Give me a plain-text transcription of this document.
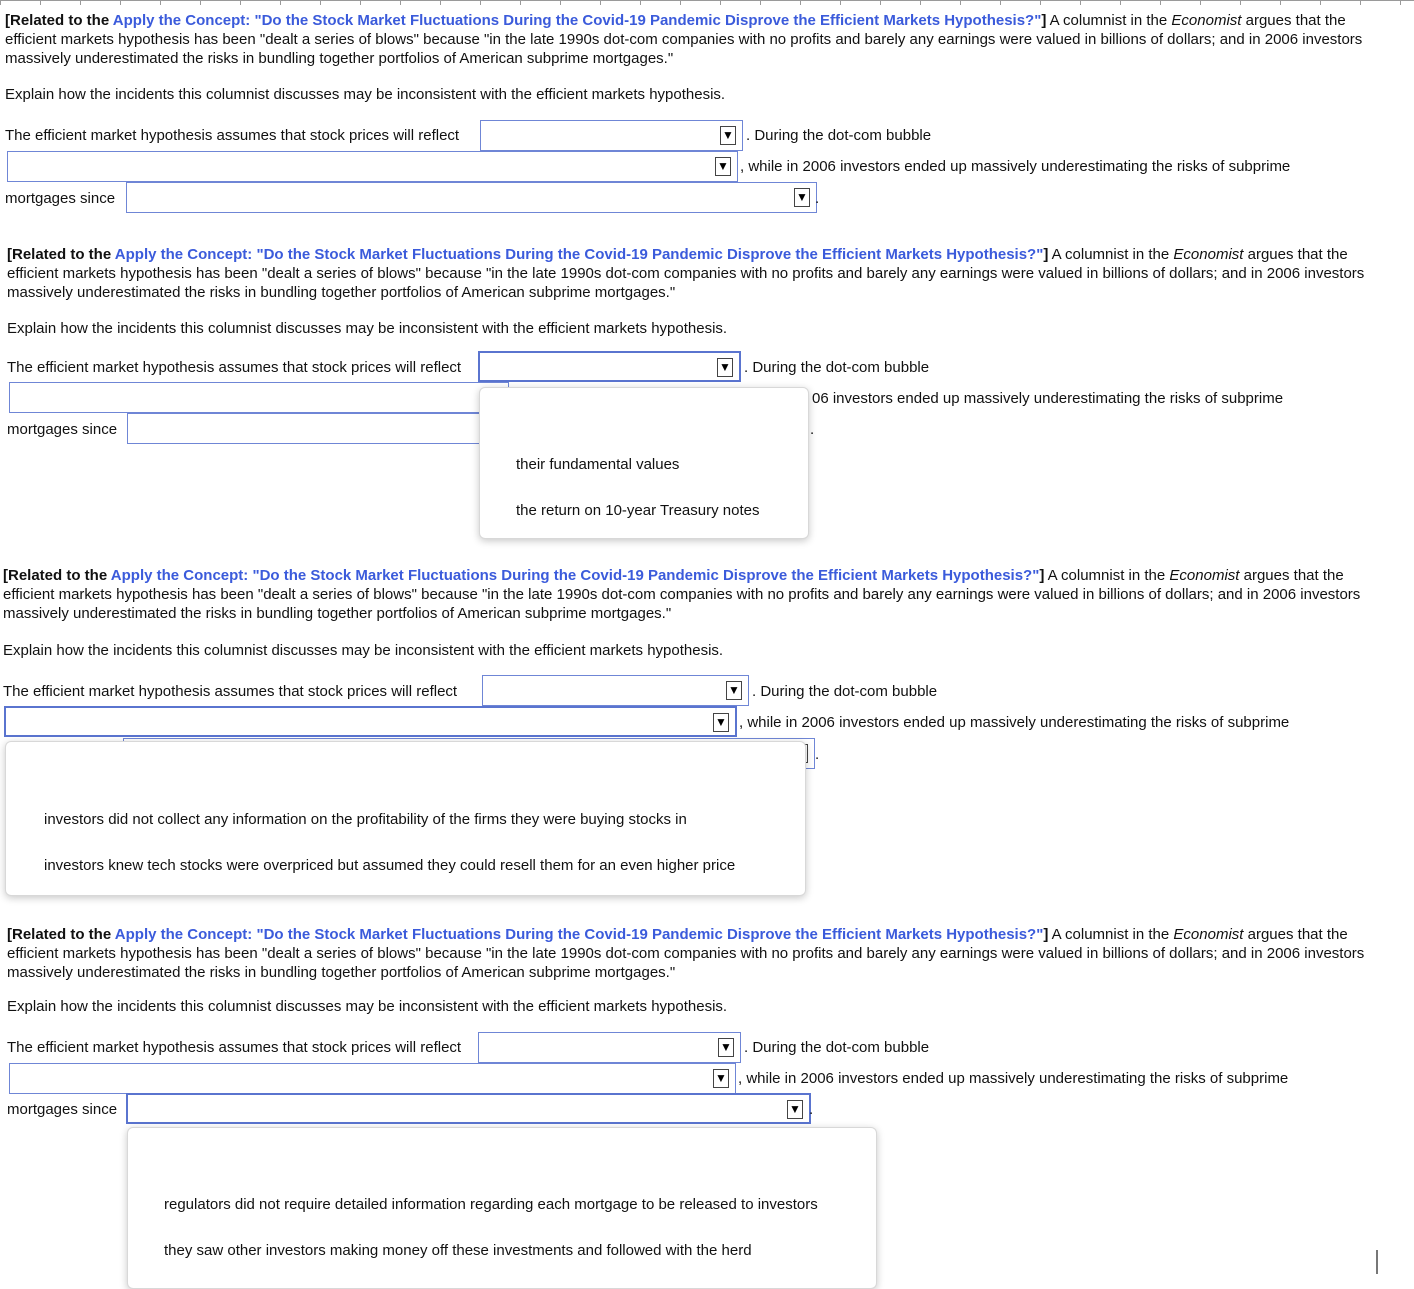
[Related to the Apply the Concept: "Do the Stock Market Fluctuations During the Covid-19 Pandemic Disprove the Efficient Markets Hypothesis?"] A columnist in the Economist argues that the efficient markets hypothesis has been "dealt a series of blows" because "in the late 1990s dot-com companies with no profits and barely any earnings were valued in billions of dollars; and in 2006 investors massively underestimated the risks in bundling together portfolios of American subprime mortgages."

Explain how the incidents this columnist discusses may be inconsistent with the efficient markets hypothesis.
The efficient market hypothesis assumes that stock prices will reflect	▼ . During the dot-com bubble
▼ , while in 2006 investors ended up massively underestimating the risks of subprime
mortgages since	▼ .

[Related to the Apply the Concept: "Do the Stock Market Fluctuations During the Covid-19 Pandemic Disprove the Efficient Markets Hypothesis?"] A columnist in the Economist argues that the efficient markets hypothesis has been "dealt a series of blows" because "in the late 1990s dot-com companies with no profits and barely any earnings were valued in billions of dollars; and in 2006 investors massively underestimated the risks in bundling together portfolios of American subprime mortgages."

Explain how the incidents this columnist discusses may be inconsistent with the efficient markets hypothesis.
The efficient market hypothesis assumes that stock prices will reflect	▼ . During the dot-com bubble
06 investors ended up massively underestimating the risks of subprime
mortgages since	.
their fundamental values
the return on 10-year Treasury notes

[Related to the Apply the Concept: "Do the Stock Market Fluctuations During the Covid-19 Pandemic Disprove the Efficient Markets Hypothesis?"] A columnist in the Economist argues that the efficient markets hypothesis has been "dealt a series of blows" because "in the late 1990s dot-com companies with no profits and barely any earnings were valued in billions of dollars; and in 2006 investors massively underestimated the risks in bundling together portfolios of American subprime mortgages."

Explain how the incidents this columnist discusses may be inconsistent with the efficient markets hypothesis.
The efficient market hypothesis assumes that stock prices will reflect	▼ . During the dot-com bubble
▼ , while in 2006 investors ended up massively underestimating the risks of subprime
.
investors did not collect any information on the profitability of the firms they were buying stocks in
investors knew tech stocks were overpriced but assumed they could resell them for an even higher price

[Related to the Apply the Concept: "Do the Stock Market Fluctuations During the Covid-19 Pandemic Disprove the Efficient Markets Hypothesis?"] A columnist in the Economist argues that the efficient markets hypothesis has been "dealt a series of blows" because "in the late 1990s dot-com companies with no profits and barely any earnings were valued in billions of dollars; and in 2006 investors massively underestimated the risks in bundling together portfolios of American subprime mortgages."

Explain how the incidents this columnist discusses may be inconsistent with the efficient markets hypothesis.
The efficient market hypothesis assumes that stock prices will reflect	▼ . During the dot-com bubble
▼ , while in 2006 investors ended up massively underestimating the risks of subprime
mortgages since	▼ .
regulators did not require detailed information regarding each mortgage to be released to investors
they saw other investors making money off these investments and followed with the herd
